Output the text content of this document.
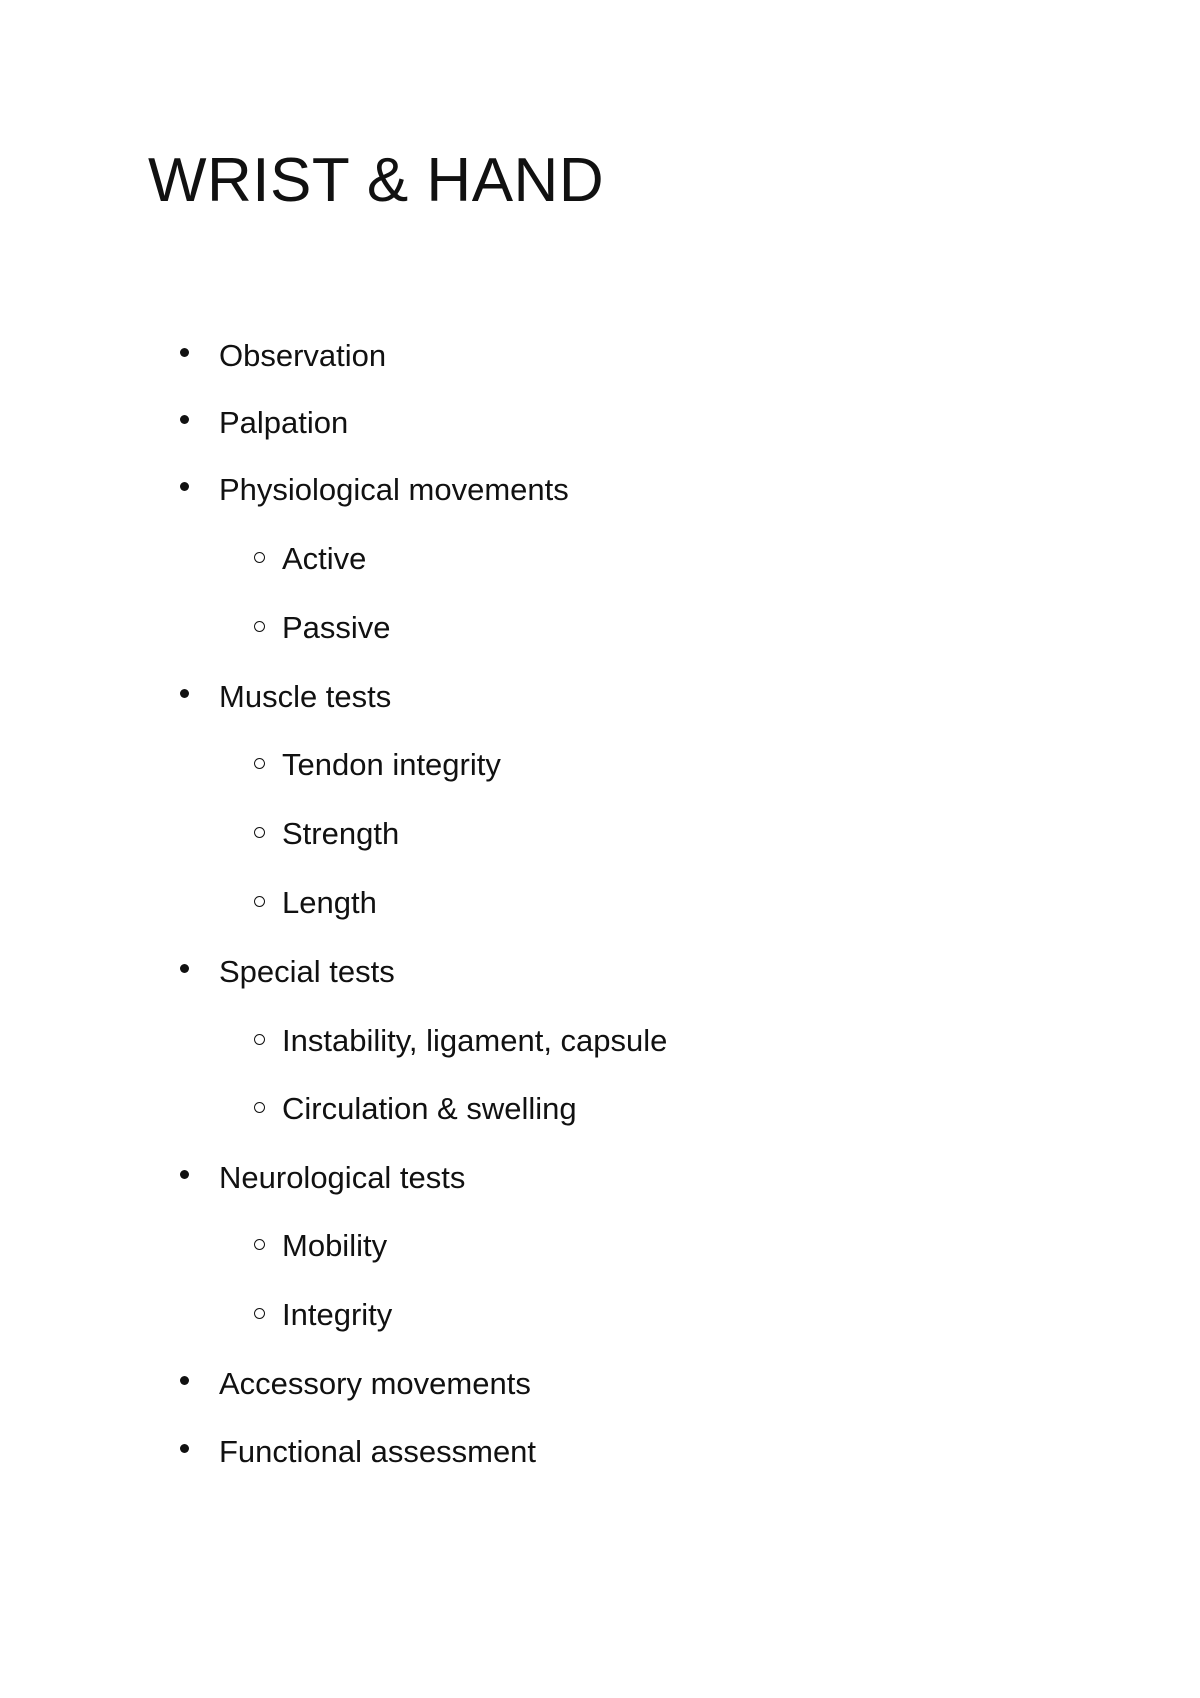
WRIST & HAND
Observation
Palpation
Physiological movements
Active
Passive
Muscle tests
Tendon integrity
Strength
Length
Special tests
Instability, ligament, capsule
Circulation & swelling
Neurological tests
Mobility
Integrity
Accessory movements
Functional assessment
